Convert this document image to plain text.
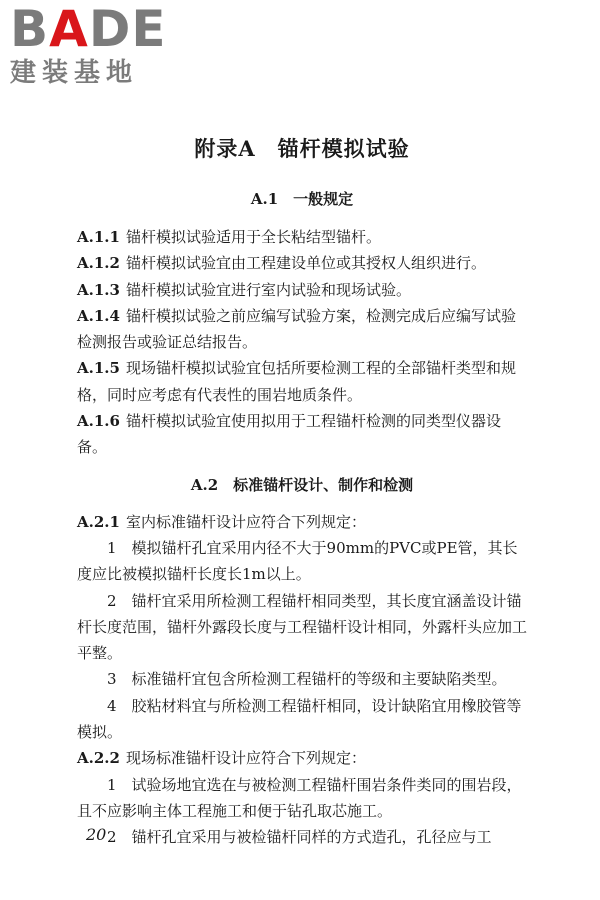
BADE
建装基地
附录A　锚杆模拟试验
A.1　一般规定

A.1.1 锚杆模拟试验适用于全长粘结型锚杆。

A.1.2 锚杆模拟试验宜由工程建设单位或其授权人组织进行。

A.1.3 锚杆模拟试验宜进行室内试验和现场试验。

A.1.4 锚杆模拟试验之前应编写试验方案，检测完成后应编写试验检测报告或验证总结报告。

A.1.5 现场锚杆模拟试验宜包括所要检测工程的全部锚杆类型和规格，同时应考虑有代表性的围岩地质条件。

A.1.6 锚杆模拟试验宜使用拟用于工程锚杆检测的同类型仪器设备。

A.2　标准锚杆设计、制作和检测

A.2.1 室内标准锚杆设计应符合下列规定：

1　模拟锚杆孔宜采用内径不大于90mm的PVC或PE管，其长度应比被模拟锚杆长度长1m以上。

2　锚杆宜采用所检测工程锚杆相同类型，其长度宜涵盖设计锚杆长度范围，锚杆外露段长度与工程锚杆设计相同，外露杆头应加工平整。

3　标准锚杆宜包含所检测工程锚杆的等级和主要缺陷类型。

4　胶粘材料宜与所检测工程锚杆相同，设计缺陷宜用橡胶管等模拟。

A.2.2 现场标准锚杆设计应符合下列规定：

1　试验场地宜选在与被检测工程锚杆围岩条件类同的围岩段，且不应影响主体工程施工和便于钻孔取芯施工。

2　锚杆孔宜采用与被检锚杆同样的方式造孔，孔径应与工

20
